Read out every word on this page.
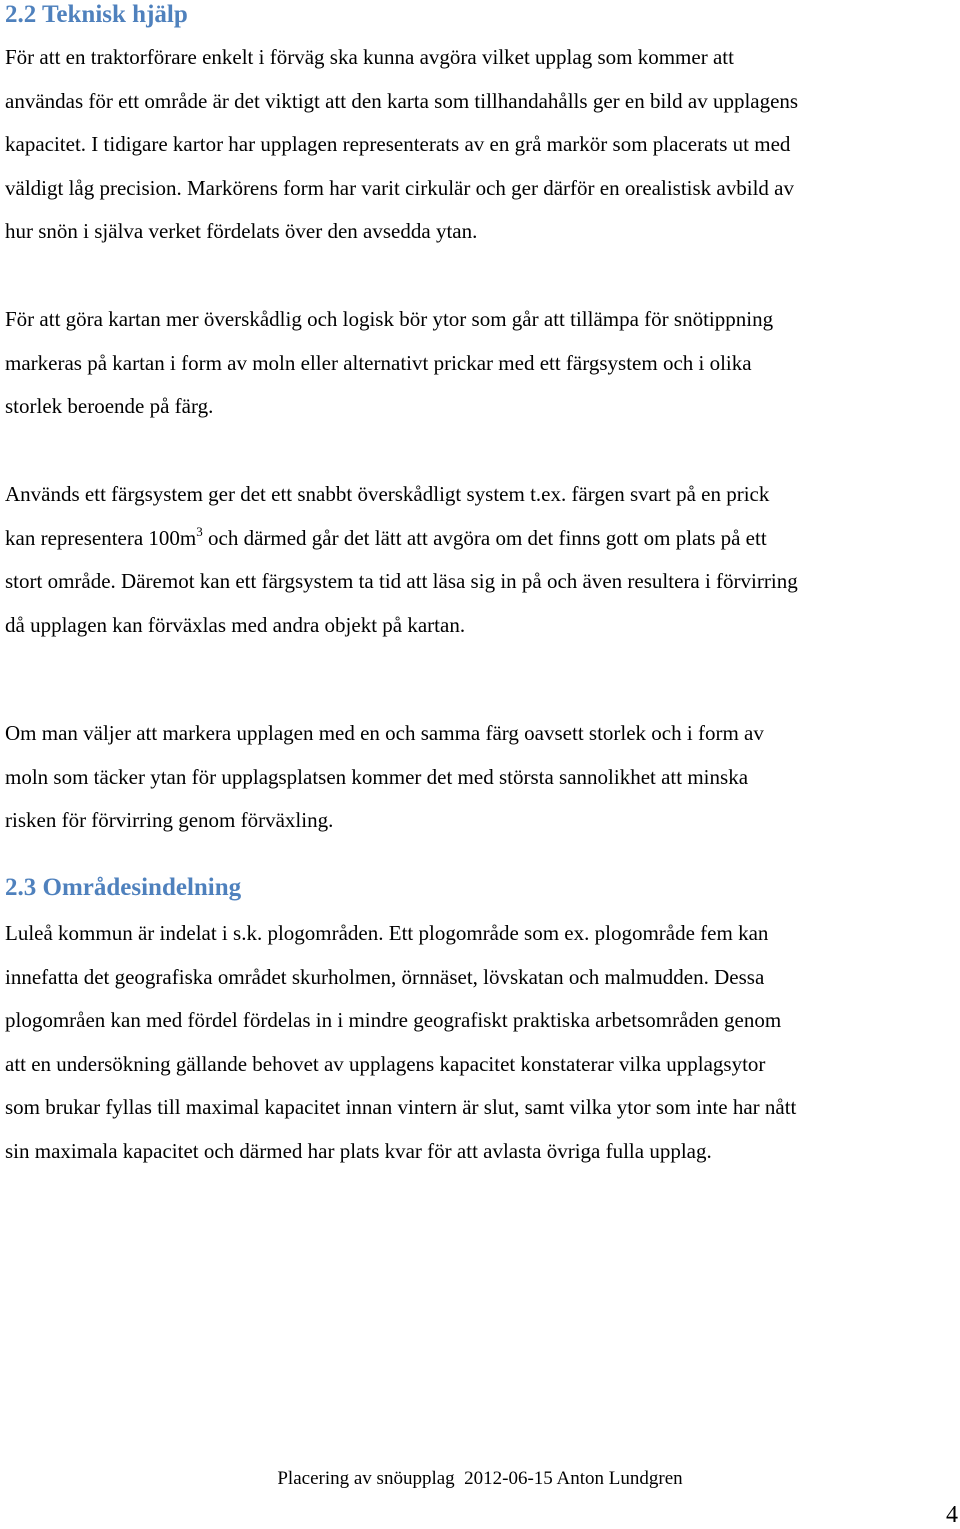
2.2 Teknisk hjälp

För att en traktorförare enkelt i förväg ska kunna avgöra vilket upplag som kommer att
användas för ett område är det viktigt att den karta som tillhandahålls ger en bild av upplagens
kapacitet. I tidigare kartor har upplagen representerats av en grå markör som placerats ut med
väldigt låg precision. Markörens form har varit cirkulär och ger därför en orealistisk avbild av
hur snön i själva verket fördelats över den avsedda ytan.

För att göra kartan mer överskådlig och logisk bör ytor som går att tillämpa för snötippning
markeras på kartan i form av moln eller alternativt prickar med ett färgsystem och i olika
storlek beroende på färg.

Används ett färgsystem ger det ett snabbt överskådligt system t.ex. färgen svart på en prick
kan representera $100m^3$ och därmed går det lätt att avgöra om det finns gott om plats på ett
stort område. Däremot kan ett färgsystem ta tid att läsa sig in på och även resultera i förvirring
då upplagen kan förväxlas med andra objekt på kartan.

Om man väljer att markera upplagen med en och samma färg oavsett storlek och i form av
moln som täcker ytan för upplagsplatsen kommer det med största sannolikhet att minska
risken för förvirring genom förväxling.

2.3 Områdesindelning

Luleå kommun är indelat i s.k. plogområden. Ett plogområde som ex. plogområde fem kan
innefatta det geografiska området skurholmen, örnnäset, lövskatan och malmudden. Dessa
plogområen kan med fördel fördelas in i mindre geografiskt praktiska arbetsområden genom
att en undersökning gällande behovet av upplagens kapacitet konstaterar vilka upplagsytor
som brukar fyllas till maximal kapacitet innan vintern är slut, samt vilka ytor som inte har nått
sin maximala kapacitet och därmed har plats kvar för att avlasta övriga fulla upplag.

Placering av snöupplag  2012-06-15 Anton Lundgren
4
